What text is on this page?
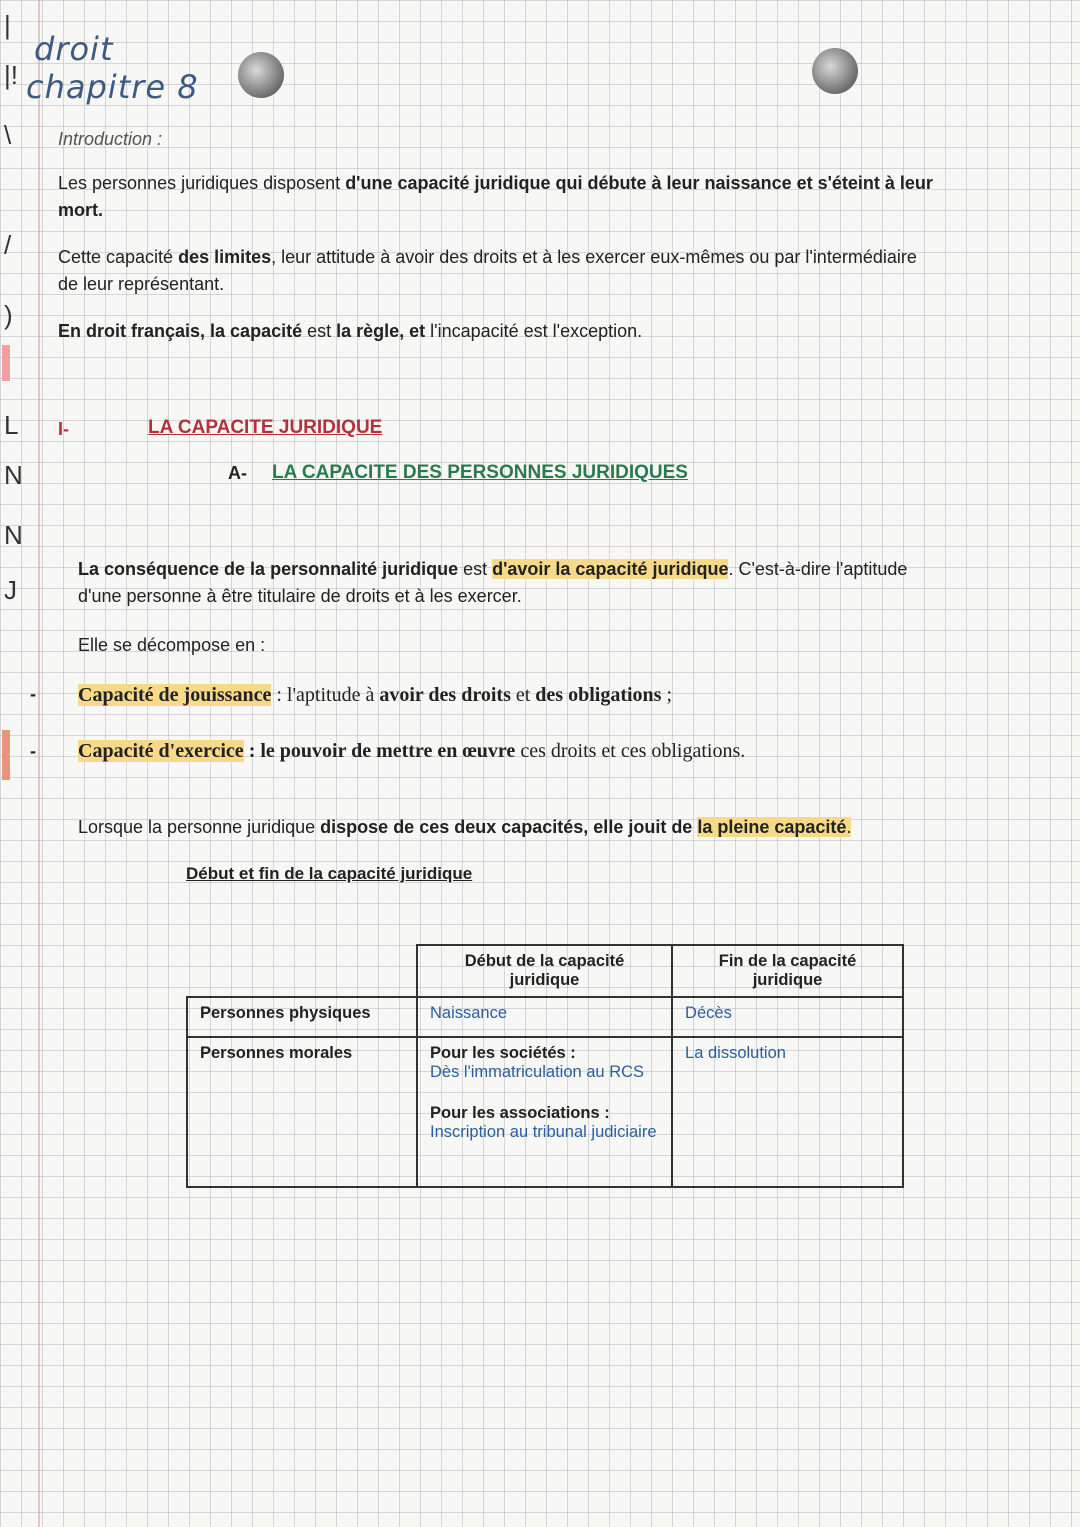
|
|!
\
/
)
L
N
N
J
droit
chapitre 8
Introduction :
Les personnes juridiques disposent d'une capacité juridique qui débute à leur naissance et s'éteint à leur
mort.
Cette capacité des limites, leur attitude à avoir des droits et à les exercer eux-mêmes ou par l'intermédiaire
de leur représentant.
En droit français, la capacité est la règle, et l'incapacité est l'exception.
I-	LA CAPACITE JURIDIQUE
A- LA CAPACITE DES PERSONNES JURIDIQUES
La conséquence de la personnalité juridique est d'avoir la capacité juridique. C'est-à-dire l'aptitude
d'une personne à être titulaire de droits et à les exercer.
Elle se décompose en :
- Capacité de jouissance : l'aptitude à avoir des droits et des obligations ;
- Capacité d'exercice : le pouvoir de mettre en œuvre ces droits et ces obligations.
Lorsque la personne juridique dispose de ces deux capacités, elle jouit de la pleine capacité.
Début et fin de la capacité juridique
	Début de la capacité juridique	Fin de la capacité juridique
Personnes physiques	Naissance	Décès
Personnes morales	Pour les sociétés :
Dès l'immatriculation au RCS
Pour les associations :
Inscription au tribunal judiciaire	La dissolution
